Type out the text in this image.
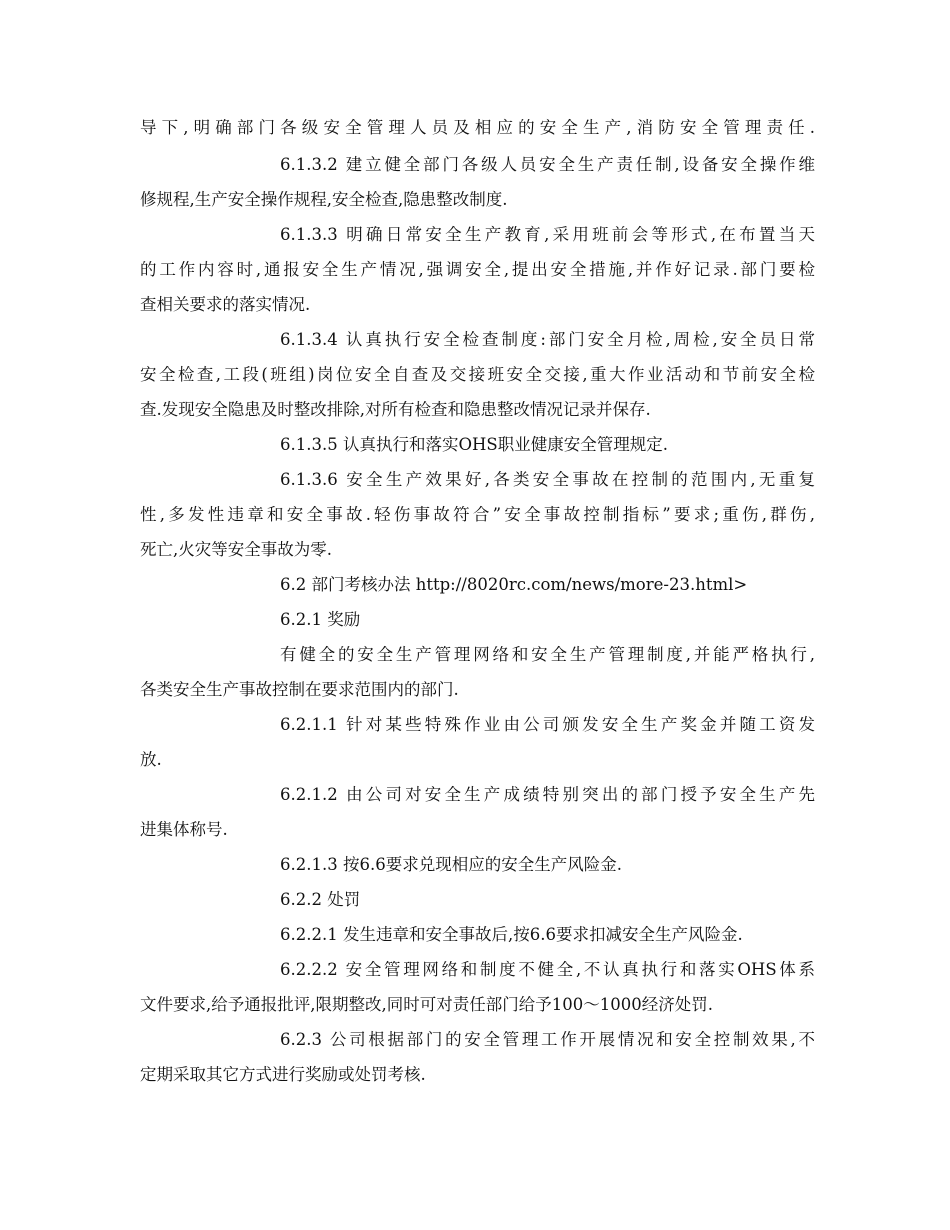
导下,明确部门各级安全管理人员及相应的安全生产,消防安全管理责任.
6.1.3.2 建立健全部门各级人员安全生产责任制,设备安全操作维
修规程,生产安全操作规程,安全检查,隐患整改制度.
6.1.3.3 明确日常安全生产教育,采用班前会等形式,在布置当天
的工作内容时,通报安全生产情况,强调安全,提出安全措施,并作好记录.部门要检
查相关要求的落实情况.
6.1.3.4 认真执行安全检查制度:部门安全月检,周检,安全员日常
安全检查,工段(班组)岗位安全自查及交接班安全交接,重大作业活动和节前安全检
查.发现安全隐患及时整改排除,对所有检查和隐患整改情况记录并保存.
6.1.3.5 认真执行和落实OHS职业健康安全管理规定.
6.1.3.6 安全生产效果好,各类安全事故在控制的范围内,无重复
性,多发性违章和安全事故.轻伤事故符合”安全事故控制指标”要求;重伤,群伤,
死亡,火灾等安全事故为零.
6.2 部门考核办法 http://8020rc.com/news/more-23.html>
6.2.1 奖励
有健全的安全生产管理网络和安全生产管理制度,并能严格执行,
各类安全生产事故控制在要求范围内的部门.
6.2.1.1 针对某些特殊作业由公司颁发安全生产奖金并随工资发
放.
6.2.1.2 由公司对安全生产成绩特别突出的部门授予安全生产先
进集体称号.
6.2.1.3 按6.6要求兑现相应的安全生产风险金.
6.2.2 处罚
6.2.2.1 发生违章和安全事故后,按6.6要求扣减安全生产风险金.
6.2.2.2 安全管理网络和制度不健全,不认真执行和落实OHS体系
文件要求,给予通报批评,限期整改,同时可对责任部门给予100～1000经济处罚.
6.2.3 公司根据部门的安全管理工作开展情况和安全控制效果,不
定期采取其它方式进行奖励或处罚考核.
